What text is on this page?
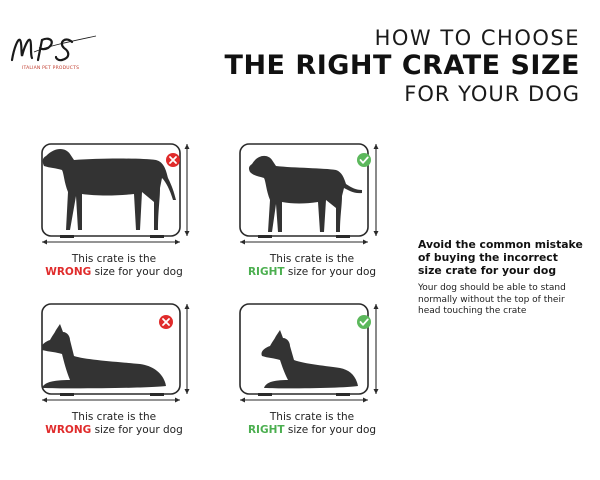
ITALIAN PET PRODUCTS
HOW TO CHOOSE
THE RIGHT CRATE SIZE
FOR YOUR DOG
This crate is the
WRONG size for your dog
This crate is the
RIGHT size for your dog
This crate is the
WRONG size for your dog
This crate is the
RIGHT size for your dog
Avoid the common mistake
of buying the incorrect
size crate for your dog
Your dog should be able to stand
normally without the top of their
head touching the crate
